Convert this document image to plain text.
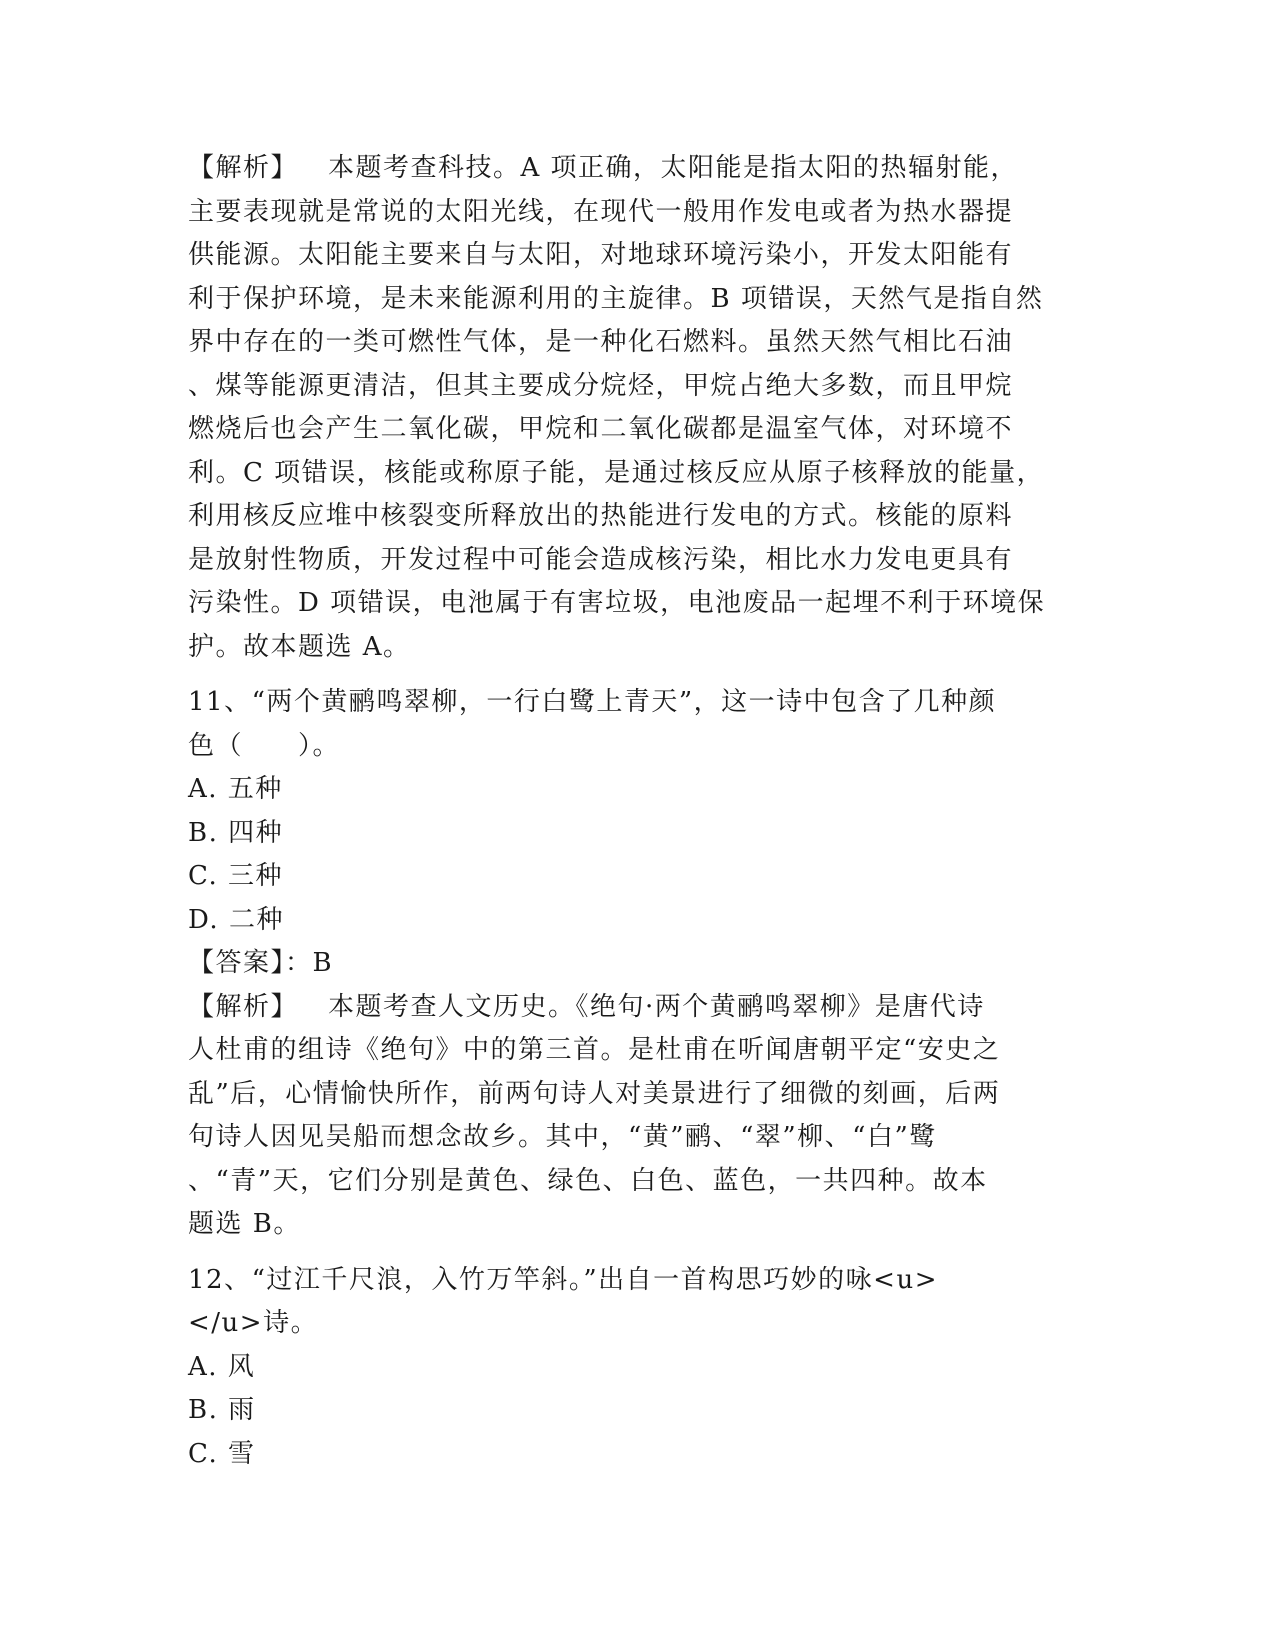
【解析】 本题考查科技。A 项正确，太阳能是指太阳的热辐射能，
主要表现就是常说的太阳光线，在现代一般用作发电或者为热水器提
供能源。太阳能主要来自与太阳，对地球环境污染小，开发太阳能有
利于保护环境，是未来能源利用的主旋律。B 项错误，天然气是指自然
界中存在的一类可燃性气体，是一种化石燃料。虽然天然气相比石油
、煤等能源更清洁，但其主要成分烷烃，甲烷占绝大多数，而且甲烷
燃烧后也会产生二氧化碳，甲烷和二氧化碳都是温室气体，对环境不
利。C 项错误，核能或称原子能，是通过核反应从原子核释放的能量，
利用核反应堆中核裂变所释放出的热能进行发电的方式。核能的原料
是放射性物质，开发过程中可能会造成核污染，相比水力发电更具有
污染性。D 项错误，电池属于有害垃圾，电池废品一起埋不利于环境保
护。故本题选 A。
11、“两个黄鹂鸣翠柳，一行白鹭上青天”，这一诗中包含了几种颜
色（　　）。
A. 五种
B. 四种
C. 三种
D. 二种
【答案】：B
【解析】 本题考查人文历史。《绝句·两个黄鹂鸣翠柳》是唐代诗
人杜甫的组诗《绝句》中的第三首。是杜甫在听闻唐朝平定“安史之
乱”后，心情愉快所作，前两句诗人对美景进行了细微的刻画，后两
句诗人因见吴船而想念故乡。其中，“黄”鹂、“翠”柳、“白”鹭
、“青”天，它们分别是黄色、绿色、白色、蓝色，一共四种。故本
题选 B。
12、“过江千尺浪，入竹万竿斜。”出自一首构思巧妙的咏<u>
</u>诗。
A. 风
B. 雨
C. 雪
